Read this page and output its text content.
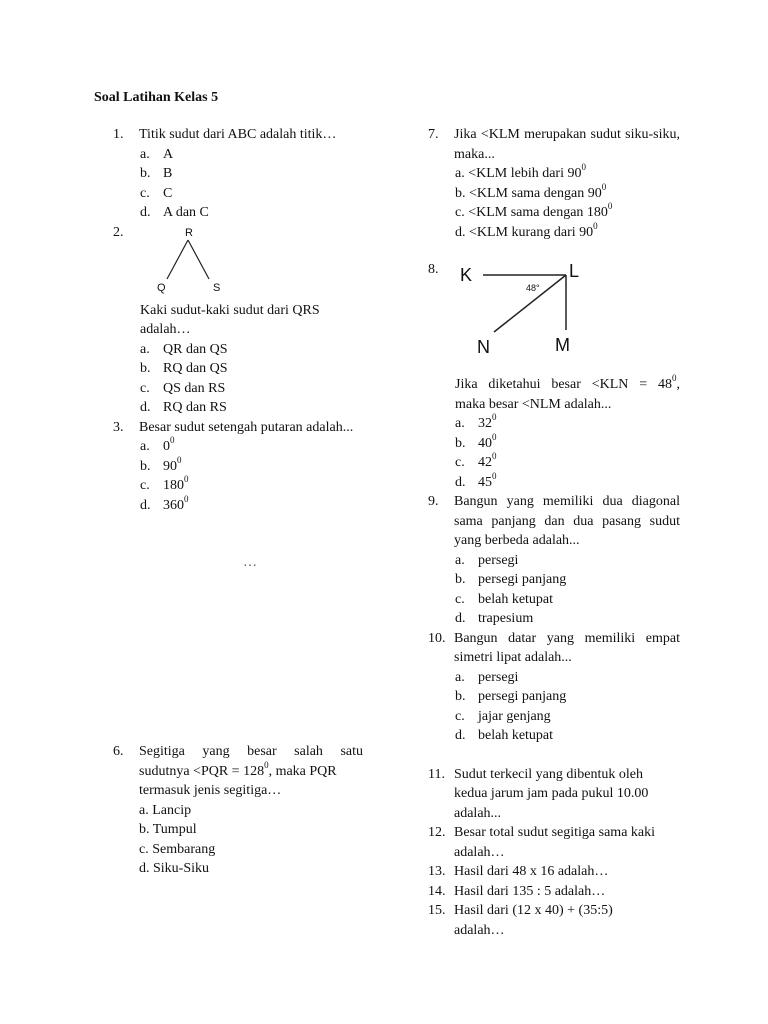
Soal Latihan Kelas 5
1.	Titik sudut dari ABC adalah titik…
a. A
b. B
c. C
d. A dan C
2.	R
Q	S
Kaki sudut-kaki sudut dari QRS adalah…
a. QR dan QS
b. RQ dan QS
c. QS dan RS
d. RQ dan RS
3.	Besar sudut setengah putaran adalah...
a. $0^0$
b. $90^0$
c. $180^0$
d. $360^0$
…
6.	Segitiga yang besar salah satu
sudutnya $<PQR = 128^0$, maka PQR
termasuk jenis segitiga…
a. Lancip
b. Tumpul
c. Sembarang
d. Siku-Siku
7.	Jika <KLM merupakan sudut siku-siku, maka...
a. <KLM lebih dari $90^0$
b. <KLM sama dengan $90^0$
c. <KLM sama dengan $180^0$
d. <KLM kurang dari $90^0$
8.	K	L
48°
N	M
Jika diketahui besar $<KLN = 48^0$,
maka besar <NLM adalah...
a. $32^0$
b. $40^0$
c. $42^0$
d. $45^0$
9.	Bangun yang memiliki dua diagonal sama panjang dan dua pasang sudut yang berbeda adalah...
a. persegi
b. persegi panjang
c. belah ketupat
d. trapesium
10. Bangun datar yang memiliki empat simetri lipat adalah...
a. persegi
b. persegi panjang
c. jajar genjang
d. belah ketupat
11. Sudut terkecil yang dibentuk oleh
kedua jarum jam pada pukul 10.00
adalah...
12. Besar total sudut segitiga sama kaki
adalah…
13. Hasil dari 48 x 16 adalah…
14. Hasil dari 135 : 5 adalah…
15. Hasil dari (12 x 40) + (35:5)
adalah…
